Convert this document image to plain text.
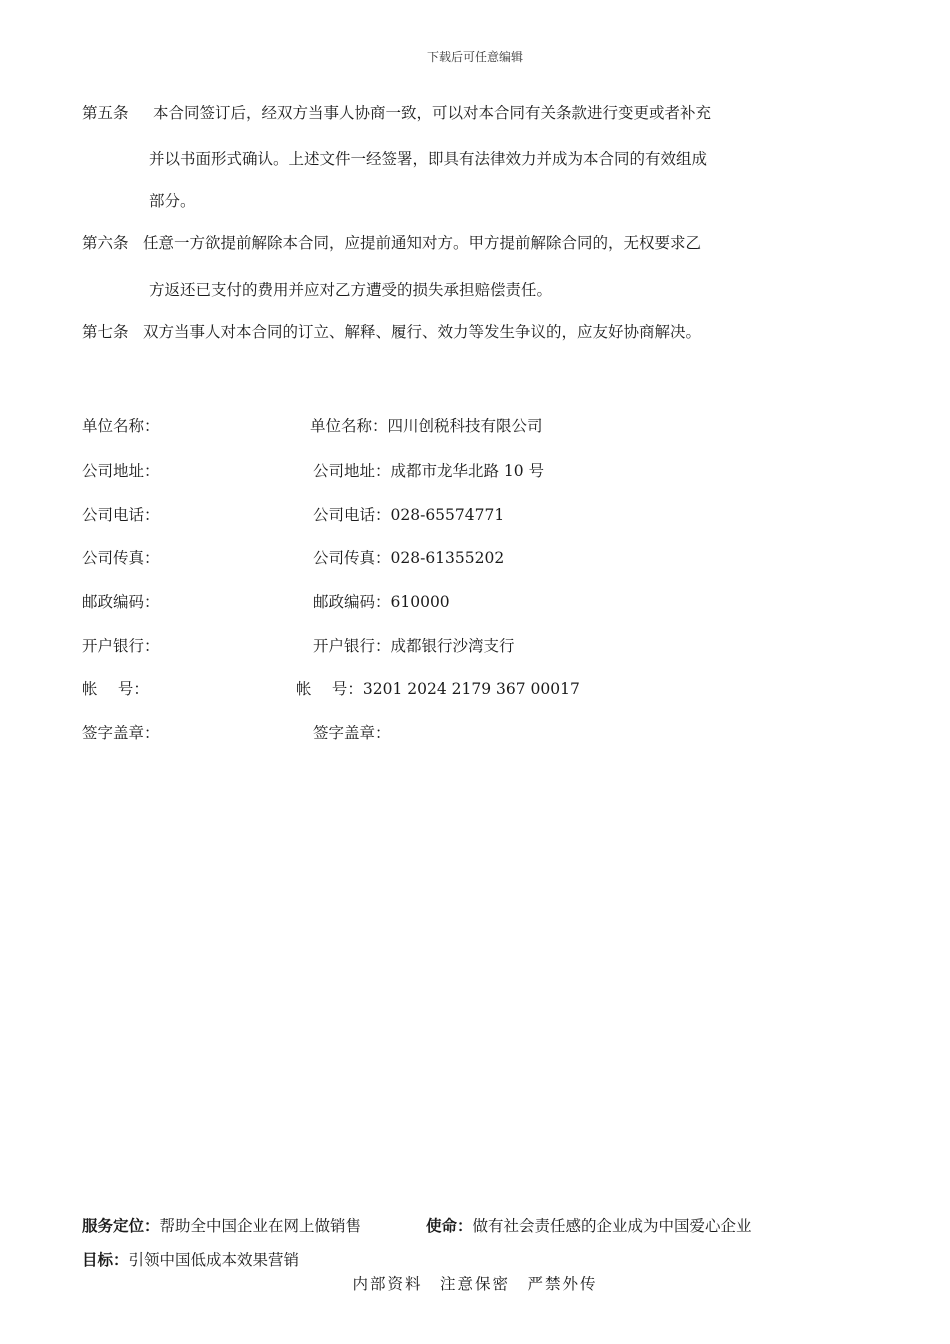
下载后可任意编辑
第五条 本合同签订后，经双方当事人协商一致，可以对本合同有关条款进行变更或者补充
并以书面形式确认。上述文件一经签署，即具有法律效力并成为本合同的有效组成
部分。
第六条 任意一方欲提前解除本合同，应提前通知对方。甲方提前解除合同的，无权要求乙
方返还已支付的费用并应对乙方遭受的损失承担赔偿责任。
第七条 双方当事人对本合同的订立、解释、履行、效力等发生争议的，应友好协商解决。
单位名称：
公司地址：
公司电话：
公司传真：
邮政编码：
开户银行：
帐　 号：
签字盖章：
单位名称：四川创税科技有限公司
公司地址：成都市龙华北路 10 号
公司电话：028-65574771
公司传真：028-61355202
邮政编码：610000
开户银行：成都银行沙湾支行
帐　 号：3201 2024 2179 367 00017
签字盖章：
服务定位：帮助全中国企业在网上做销售	使命：做有社会责任感的企业成为中国爱心企业
目标：引领中国低成本效果营销
内部资料　注意保密　严禁外传
